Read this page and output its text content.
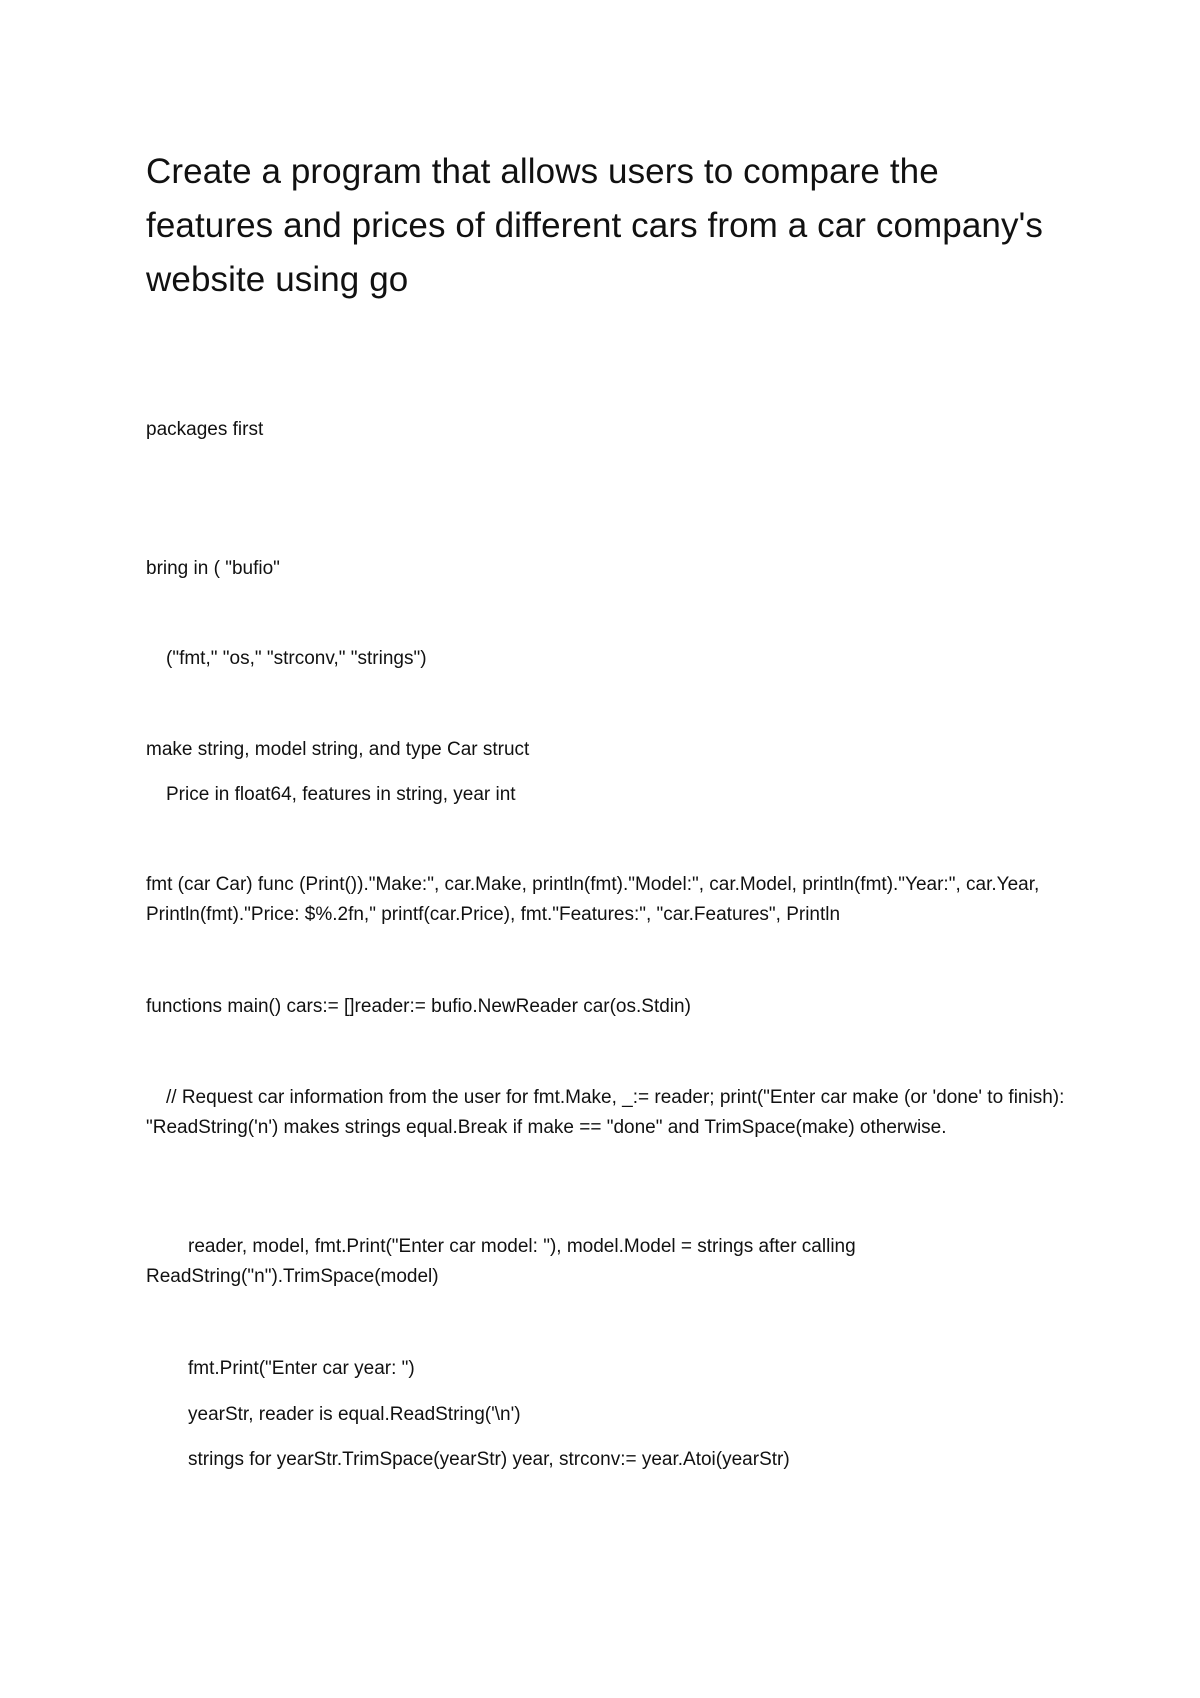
Create a program that allows users to compare the features and prices of different cars from a car company's website using go

packages first

bring in ( "bufio"

("fmt," "os," "strconv," "strings")

make string, model string, and type Car struct

Price in float64, features in string, year int

fmt (car Car) func (Print())."Make:", car.Make, println(fmt)."Model:", car.Model, println(fmt)."Year:", car.Year, Println(fmt)."Price: $%.2fn," printf(car.Price), fmt."Features:", "car.Features", Println

functions main() cars:= []reader:= bufio.NewReader car(os.Stdin)

// Request car information from the user for fmt.Make, _:= reader; print("Enter car make (or 'done' to finish): "ReadString('n') makes strings equal.Break if make == "done" and TrimSpace(make) otherwise.

reader, model, fmt.Print("Enter car model: "), model.Model = strings after calling ReadString("n").TrimSpace(model)

fmt.Print("Enter car year: ")

yearStr, reader is equal.ReadString('\n')

strings for yearStr.TrimSpace(yearStr) year, strconv:= year.Atoi(yearStr)
